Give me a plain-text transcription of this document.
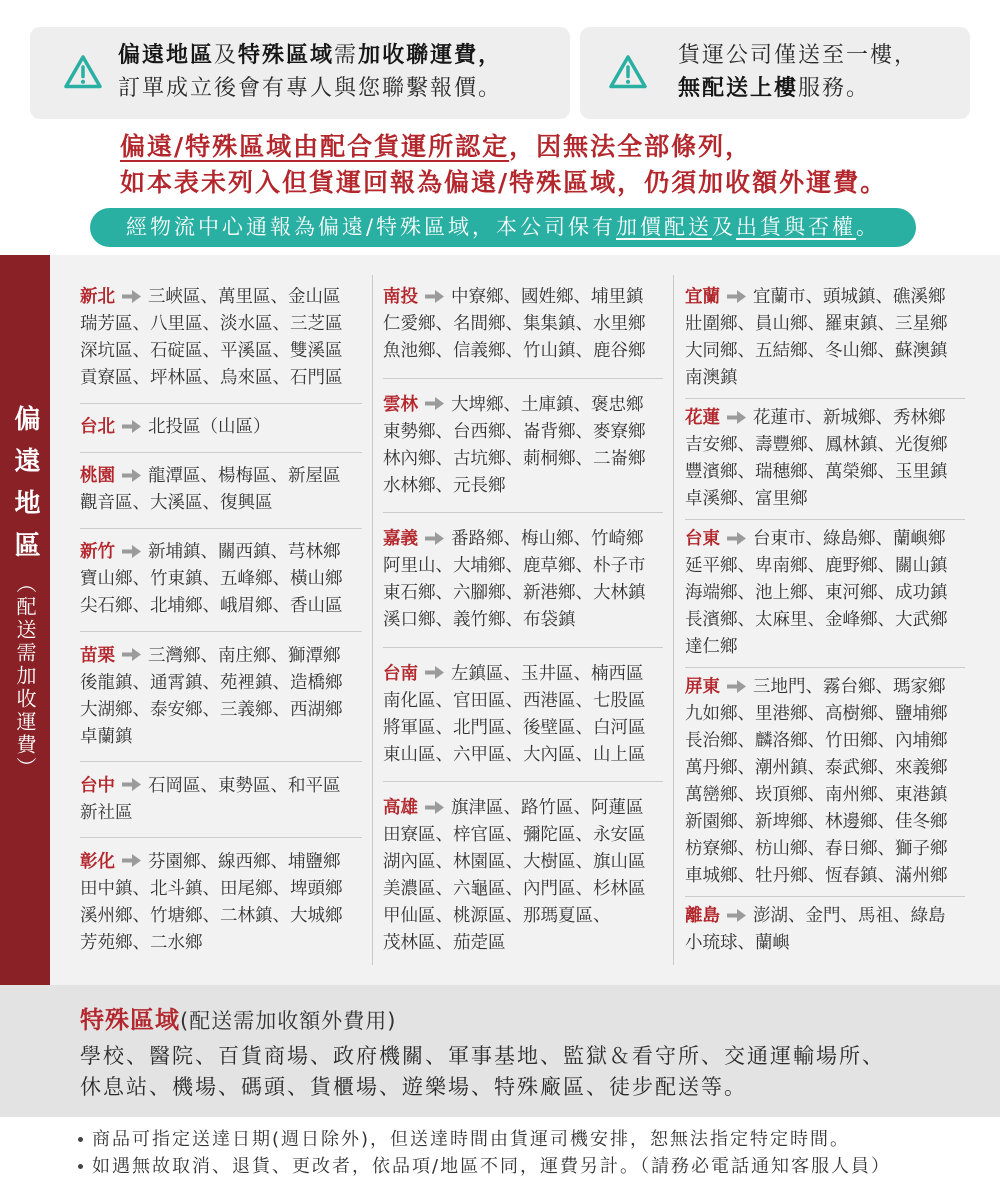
偏遠地區及特殊區域需加收聯運費，
訂單成立後會有專人與您聯繫報價。
貨運公司僅送至一樓，
無配送上樓服務。
偏遠/特殊區域由配合貨運所認定，因無法全部條列，
如本表未列入但貨運回報為偏遠/特殊區域，仍須加收額外運費。
經物流中心通報為偏遠/特殊區域，本公司保有加價配送及出貨與否權。
偏遠地區
（配送需加收運費）
新北 三峽區、萬里區、金山區
瑞芳區、八里區、淡水區、三芝區
深坑區、石碇區、平溪區、雙溪區
貢寮區、坪林區、烏來區、石門區
台北 北投區（山區）
桃園 龍潭區、楊梅區、新屋區
觀音區、大溪區、復興區
新竹 新埔鎮、關西鎮、芎林鄉
寶山鄉、竹東鎮、五峰鄉、橫山鄉
尖石鄉、北埔鄉、峨眉鄉、香山區
苗栗 三灣鄉、南庄鄉、獅潭鄉
後龍鎮、通霄鎮、苑裡鎮、造橋鄉
大湖鄉、泰安鄉、三義鄉、西湖鄉
卓蘭鎮
台中 石岡區、東勢區、和平區
新社區
彰化 芬園鄉、線西鄉、埔鹽鄉
田中鎮、北斗鎮、田尾鄉、埤頭鄉
溪州鄉、竹塘鄉、二林鎮、大城鄉
芳苑鄉、二水鄉
南投 中寮鄉、國姓鄉、埔里鎮
仁愛鄉、名間鄉、集集鎮、水里鄉
魚池鄉、信義鄉、竹山鎮、鹿谷鄉
雲林 大埤鄉、土庫鎮、褒忠鄉
東勢鄉、台西鄉、崙背鄉、麥寮鄉
林內鄉、古坑鄉、莿桐鄉、二崙鄉
水林鄉、元長鄉
嘉義 番路鄉、梅山鄉、竹崎鄉
阿里山、大埔鄉、鹿草鄉、朴子市
東石鄉、六腳鄉、新港鄉、大林鎮
溪口鄉、義竹鄉、布袋鎮
台南 左鎮區、玉井區、楠西區
南化區、官田區、西港區、七股區
將軍區、北門區、後壁區、白河區
東山區、六甲區、大內區、山上區
高雄 旗津區、路竹區、阿蓮區
田寮區、梓官區、彌陀區、永安區
湖內區、林園區、大樹區、旗山區
美濃區、六龜區、內門區、杉林區
甲仙區、桃源區、那瑪夏區、
茂林區、茄萣區
宜蘭 宜蘭市、頭城鎮、礁溪鄉
壯圍鄉、員山鄉、羅東鎮、三星鄉
大同鄉、五結鄉、冬山鄉、蘇澳鎮
南澳鎮
花蓮 花蓮市、新城鄉、秀林鄉
吉安鄉、壽豐鄉、鳳林鎮、光復鄉
豐濱鄉、瑞穗鄉、萬榮鄉、玉里鎮
卓溪鄉、富里鄉
台東 台東市、綠島鄉、蘭嶼鄉
延平鄉、卑南鄉、鹿野鄉、關山鎮
海端鄉、池上鄉、東河鄉、成功鎮
長濱鄉、太麻里、金峰鄉、大武鄉
達仁鄉
屏東 三地門、霧台鄉、瑪家鄉
九如鄉、里港鄉、高樹鄉、鹽埔鄉
長治鄉、麟洛鄉、竹田鄉、內埔鄉
萬丹鄉、潮州鎮、泰武鄉、來義鄉
萬巒鄉、崁頂鄉、南州鄉、東港鎮
新園鄉、新埤鄉、林邊鄉、佳冬鄉
枋寮鄉、枋山鄉、春日鄉、獅子鄉
車城鄉、牡丹鄉、恆春鎮、滿州鄉
離島 澎湖、金門、馬祖、綠島
小琉球、蘭嶼
特殊區域(配送需加收額外費用)
學校、醫院、百貨商場、政府機關、軍事基地、監獄＆看守所、交通運輸場所、
休息站、機場、碼頭、貨櫃場、遊樂場、特殊廠區、徒步配送等。
商品可指定送達日期(週日除外)，但送達時間由貨運司機安排，恕無法指定特定時間。
如遇無故取消、退貨、更改者，依品項/地區不同，運費另計。（請務必電話通知客服人員）
